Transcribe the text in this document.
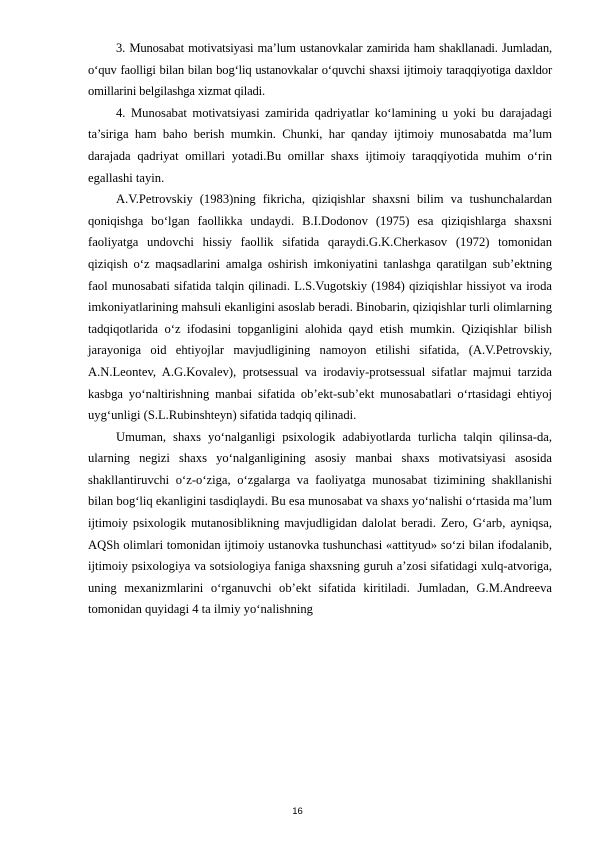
3. Munosabat motivatsiyasi ma’lum ustanovkalar zamirida ham shakllanadi. Jumladan, o‘quv faolligi bilan bilan bog‘liq ustanovkalar o‘quvchi shaxsi ijtimoiy taraqqiyotiga daxldor omillarini belgilashga xizmat qiladi.

4. Munosabat motivatsiyasi zamirida qadriyatlar ko‘lamining u yoki bu darajadagi ta’siriga ham baho berish mumkin. Chunki, har qanday ijtimoiy munosabatda ma’lum darajada qadriyat omillari yotadi.Bu omillar shaxs ijtimoiy taraqqiyotida muhim o‘rin egallashi tayin.

A.V.Petrovskiy (1983)ning fikricha, qiziqishlar shaxsni bilim va tushunchalardan qoniqishga bo‘lgan faollikka undaydi. B.I.Dodonov (1975) esa qiziqishlarga shaxsni faoliyatga undovchi hissiy faollik sifatida qaraydi.G.K.Cherkasov (1972) tomonidan qiziqish o‘z maqsadlarini amalga oshirish imkoniyatini tanlashga qaratilgan sub’ektning faol munosabati sifatida talqin qilinadi. L.S.Vugotskiy (1984) qiziqishlar hissiyot va iroda imkoniyatlarining mahsuli ekanligini asoslab beradi. Binobarin, qiziqishlar turli olimlarning tadqiqotlarida o‘z ifodasini topganligini alohida qayd etish mumkin. Qiziqishlar bilish jarayoniga oid ehtiyojlar mavjudligining namoyon etilishi sifatida, (A.V.Petrovskiy, A.N.Leontev, A.G.Kovalev), protsessual va irodaviy-protsessual sifatlar majmui tarzida kasbga yo‘naltirishning manbai sifatida ob’ekt-sub’ekt munosabatlari o‘rtasidagi ehtiyoj uyg‘unligi (S.L.Rubinshteyn) sifatida tadqiq qilinadi.

Umuman, shaxs yo‘nalganligi psixologik adabiyotlarda turlicha talqin qilinsa-da, ularning negizi shaxs yo‘nalganligining asosiy manbai shaxs motivatsiyasi asosida shakllantiruvchi o‘z-o‘ziga, o‘zgalarga va faoliyatga munosabat tizimining shakllanishi bilan bog‘liq ekanligini tasdiqlaydi. Bu esa munosabat va shaxs yo‘nalishi o‘rtasida ma’lum ijtimoiy psixologik mutanosiblikning mavjudligidan dalolat beradi. Zero, G‘arb, ayniqsa, AQSh olimlari tomonidan ijtimoiy ustanovka tushunchasi «attityud» so‘zi bilan ifodalanib, ijtimoiy psixologiya va sotsiologiya faniga shaxsning guruh a’zosi sifatidagi xulq-atvoriga, uning mexanizmlarini o‘rganuvchi ob’ekt sifatida kiritiladi. Jumladan, G.M.Andreeva tomonidan quyidagi 4 ta ilmiy yo‘nalishning

16
